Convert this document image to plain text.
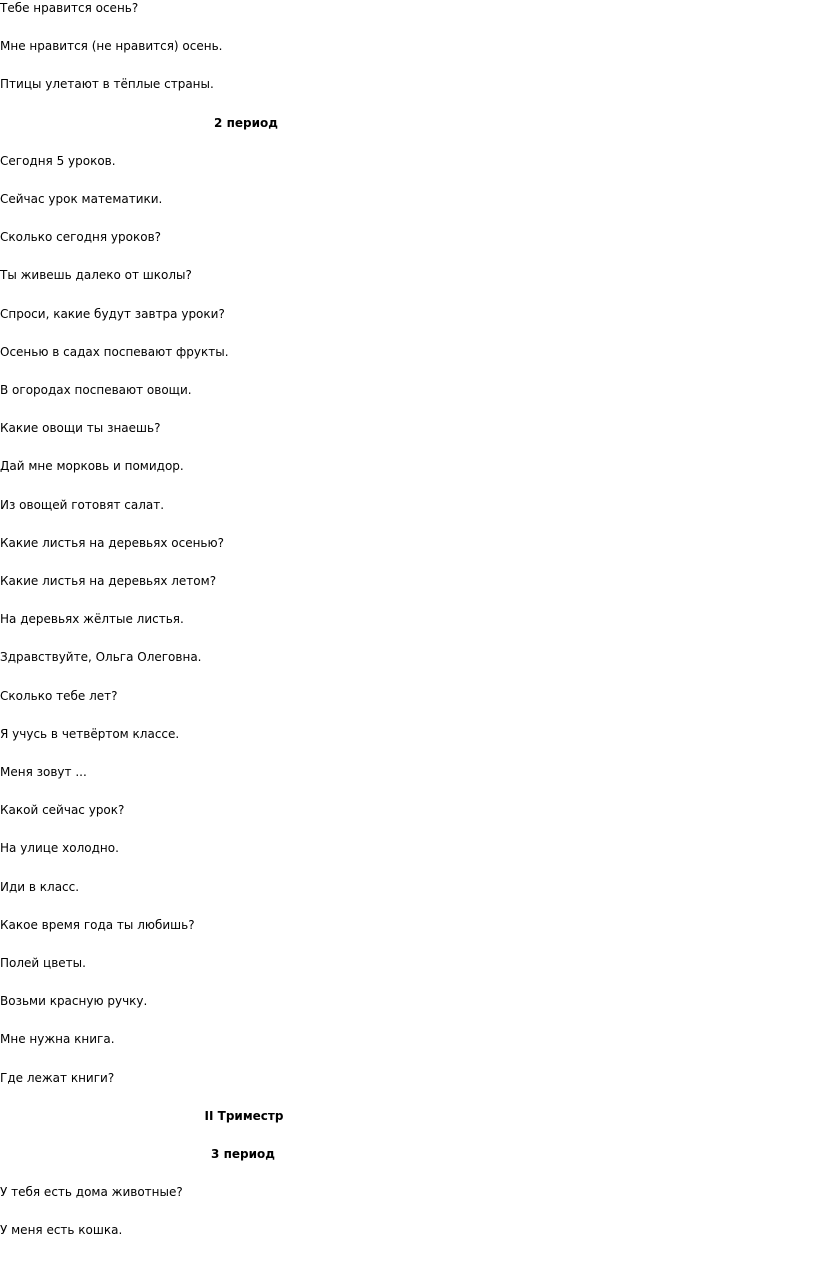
Тебе нравится осень?
Мне нравится (не нравится) осень.
Птицы улетают в тёплые страны.
2 период
Сегодня 5 уроков.
Сейчас урок математики.
Сколько сегодня уроков?
Ты живешь далеко от школы?
Спроси, какие будут завтра уроки?
Осенью в садах поспевают фрукты.
В огородах поспевают овощи.
Какие овощи ты знаешь?
Дай мне морковь и помидор.
Из овощей готовят салат.
Какие листья на деревьях осенью?
Какие листья на деревьях летом?
На деревьях жёлтые листья.
Здравствуйте, Ольга Олеговна.
Сколько тебе лет?
Я учусь в четвёртом классе.
Меня зовут ...
Какой сейчас урок?
На улице холодно.
Иди в класс.
Какое время года ты любишь?
Полей цветы.
Возьми красную ручку.
Мне нужна книга.
Где лежат книги?
II Триместр
3 период
У тебя есть дома животные?
У меня есть кошка.
